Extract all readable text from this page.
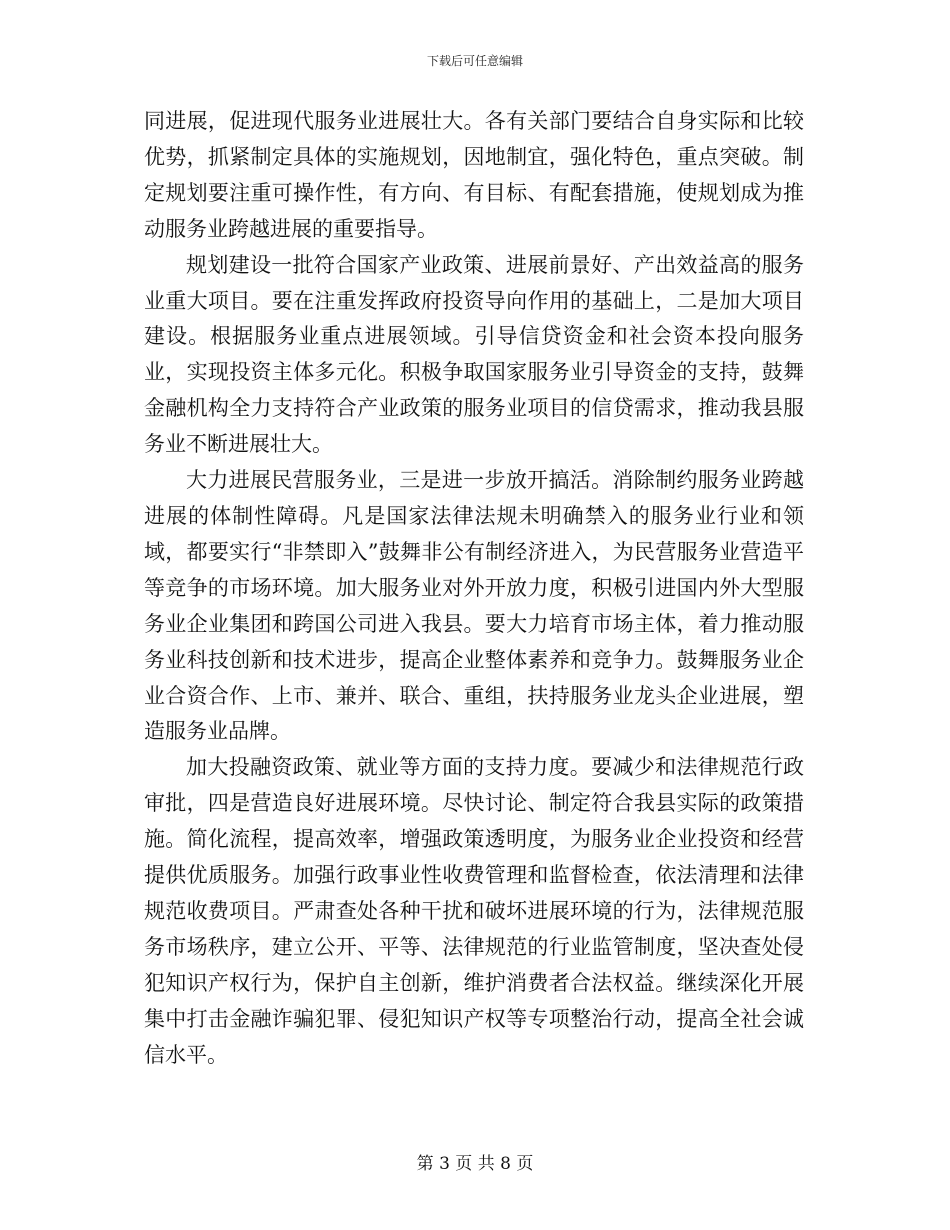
下载后可任意编辑

同进展，促进现代服务业进展壮大。各有关部门要结合自身实际和比较优势，抓紧制定具体的实施规划，因地制宜，强化特色，重点突破。制定规划要注重可操作性，有方向、有目标、有配套措施，使规划成为推动服务业跨越进展的重要指导。

规划建设一批符合国家产业政策、进展前景好、产出效益高的服务业重大项目。要在注重发挥政府投资导向作用的基础上，二是加大项目建设。根据服务业重点进展领域。引导信贷资金和社会资本投向服务业，实现投资主体多元化。积极争取国家服务业引导资金的支持，鼓舞金融机构全力支持符合产业政策的服务业项目的信贷需求，推动我县服务业不断进展壮大。

大力进展民营服务业，三是进一步放开搞活。消除制约服务业跨越进展的体制性障碍。凡是国家法律法规未明确禁入的服务业行业和领域，都要实行“非禁即入”鼓舞非公有制经济进入，为民营服务业营造平等竞争的市场环境。加大服务业对外开放力度，积极引进国内外大型服务业企业集团和跨国公司进入我县。要大力培育市场主体，着力推动服务业科技创新和技术进步，提高企业整体素养和竞争力。鼓舞服务业企业合资合作、上市、兼并、联合、重组，扶持服务业龙头企业进展，塑造服务业品牌。

加大投融资政策、就业等方面的支持力度。要减少和法律规范行政审批，四是营造良好进展环境。尽快讨论、制定符合我县实际的政策措施。简化流程，提高效率，增强政策透明度，为服务业企业投资和经营提供优质服务。加强行政事业性收费管理和监督检查，依法清理和法律规范收费项目。严肃查处各种干扰和破坏进展环境的行为，法律规范服务市场秩序，建立公开、平等、法律规范的行业监管制度，坚决查处侵犯知识产权行为，保护自主创新，维护消费者合法权益。继续深化开展集中打击金融诈骗犯罪、侵犯知识产权等专项整治行动，提高全社会诚信水平。

第 3 页 共 8 页
